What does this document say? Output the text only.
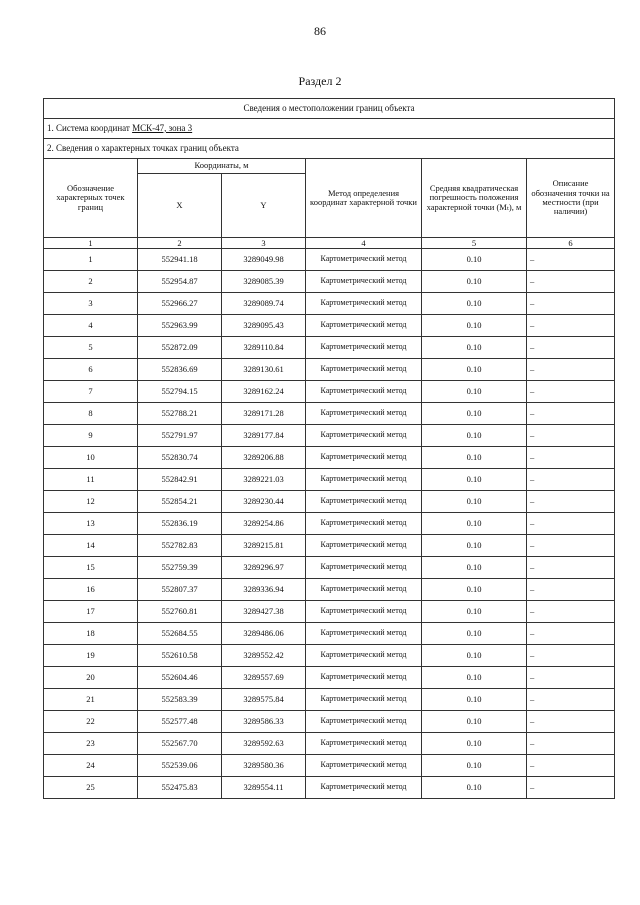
86
Раздел 2
Сведения о местоположении границ объекта					
1. Система координат МСК-47, зона 3					
2. Сведения о характерных точках границ объекта					
Обозначение характерных точек границ	Координаты, м		Метод определения координат характерной точки	Средняя квадратическая погрешность положения характерной точки (Mₜ), м	Описание обозначения точки на местности (при наличии)
	X	Y			
1	2	3	4	5	6
1	552941.18	3289049.98	Картометрический метод	0.10	–
2	552954.87	3289085.39	Картометрический метод	0.10	–
3	552966.27	3289089.74	Картометрический метод	0.10	–
4	552963.99	3289095.43	Картометрический метод	0.10	–
5	552872.09	3289110.84	Картометрический метод	0.10	–
6	552836.69	3289130.61	Картометрический метод	0.10	–
7	552794.15	3289162.24	Картометрический метод	0.10	–
8	552788.21	3289171.28	Картометрический метод	0.10	–
9	552791.97	3289177.84	Картометрический метод	0.10	–
10	552830.74	3289206.88	Картометрический метод	0.10	–
11	552842.91	3289221.03	Картометрический метод	0.10	–
12	552854.21	3289230.44	Картометрический метод	0.10	–
13	552836.19	3289254.86	Картометрический метод	0.10	–
14	552782.83	3289215.81	Картометрический метод	0.10	–
15	552759.39	3289296.97	Картометрический метод	0.10	–
16	552807.37	3289336.94	Картометрический метод	0.10	–
17	552760.81	3289427.38	Картометрический метод	0.10	–
18	552684.55	3289486.06	Картометрический метод	0.10	–
19	552610.58	3289552.42	Картометрический метод	0.10	–
20	552604.46	3289557.69	Картометрический метод	0.10	–
21	552583.39	3289575.84	Картометрический метод	0.10	–
22	552577.48	3289586.33	Картометрический метод	0.10	–
23	552567.70	3289592.63	Картометрический метод	0.10	–
24	552539.06	3289580.36	Картометрический метод	0.10	–
25	552475.83	3289554.11	Картометрический метод	0.10	–
